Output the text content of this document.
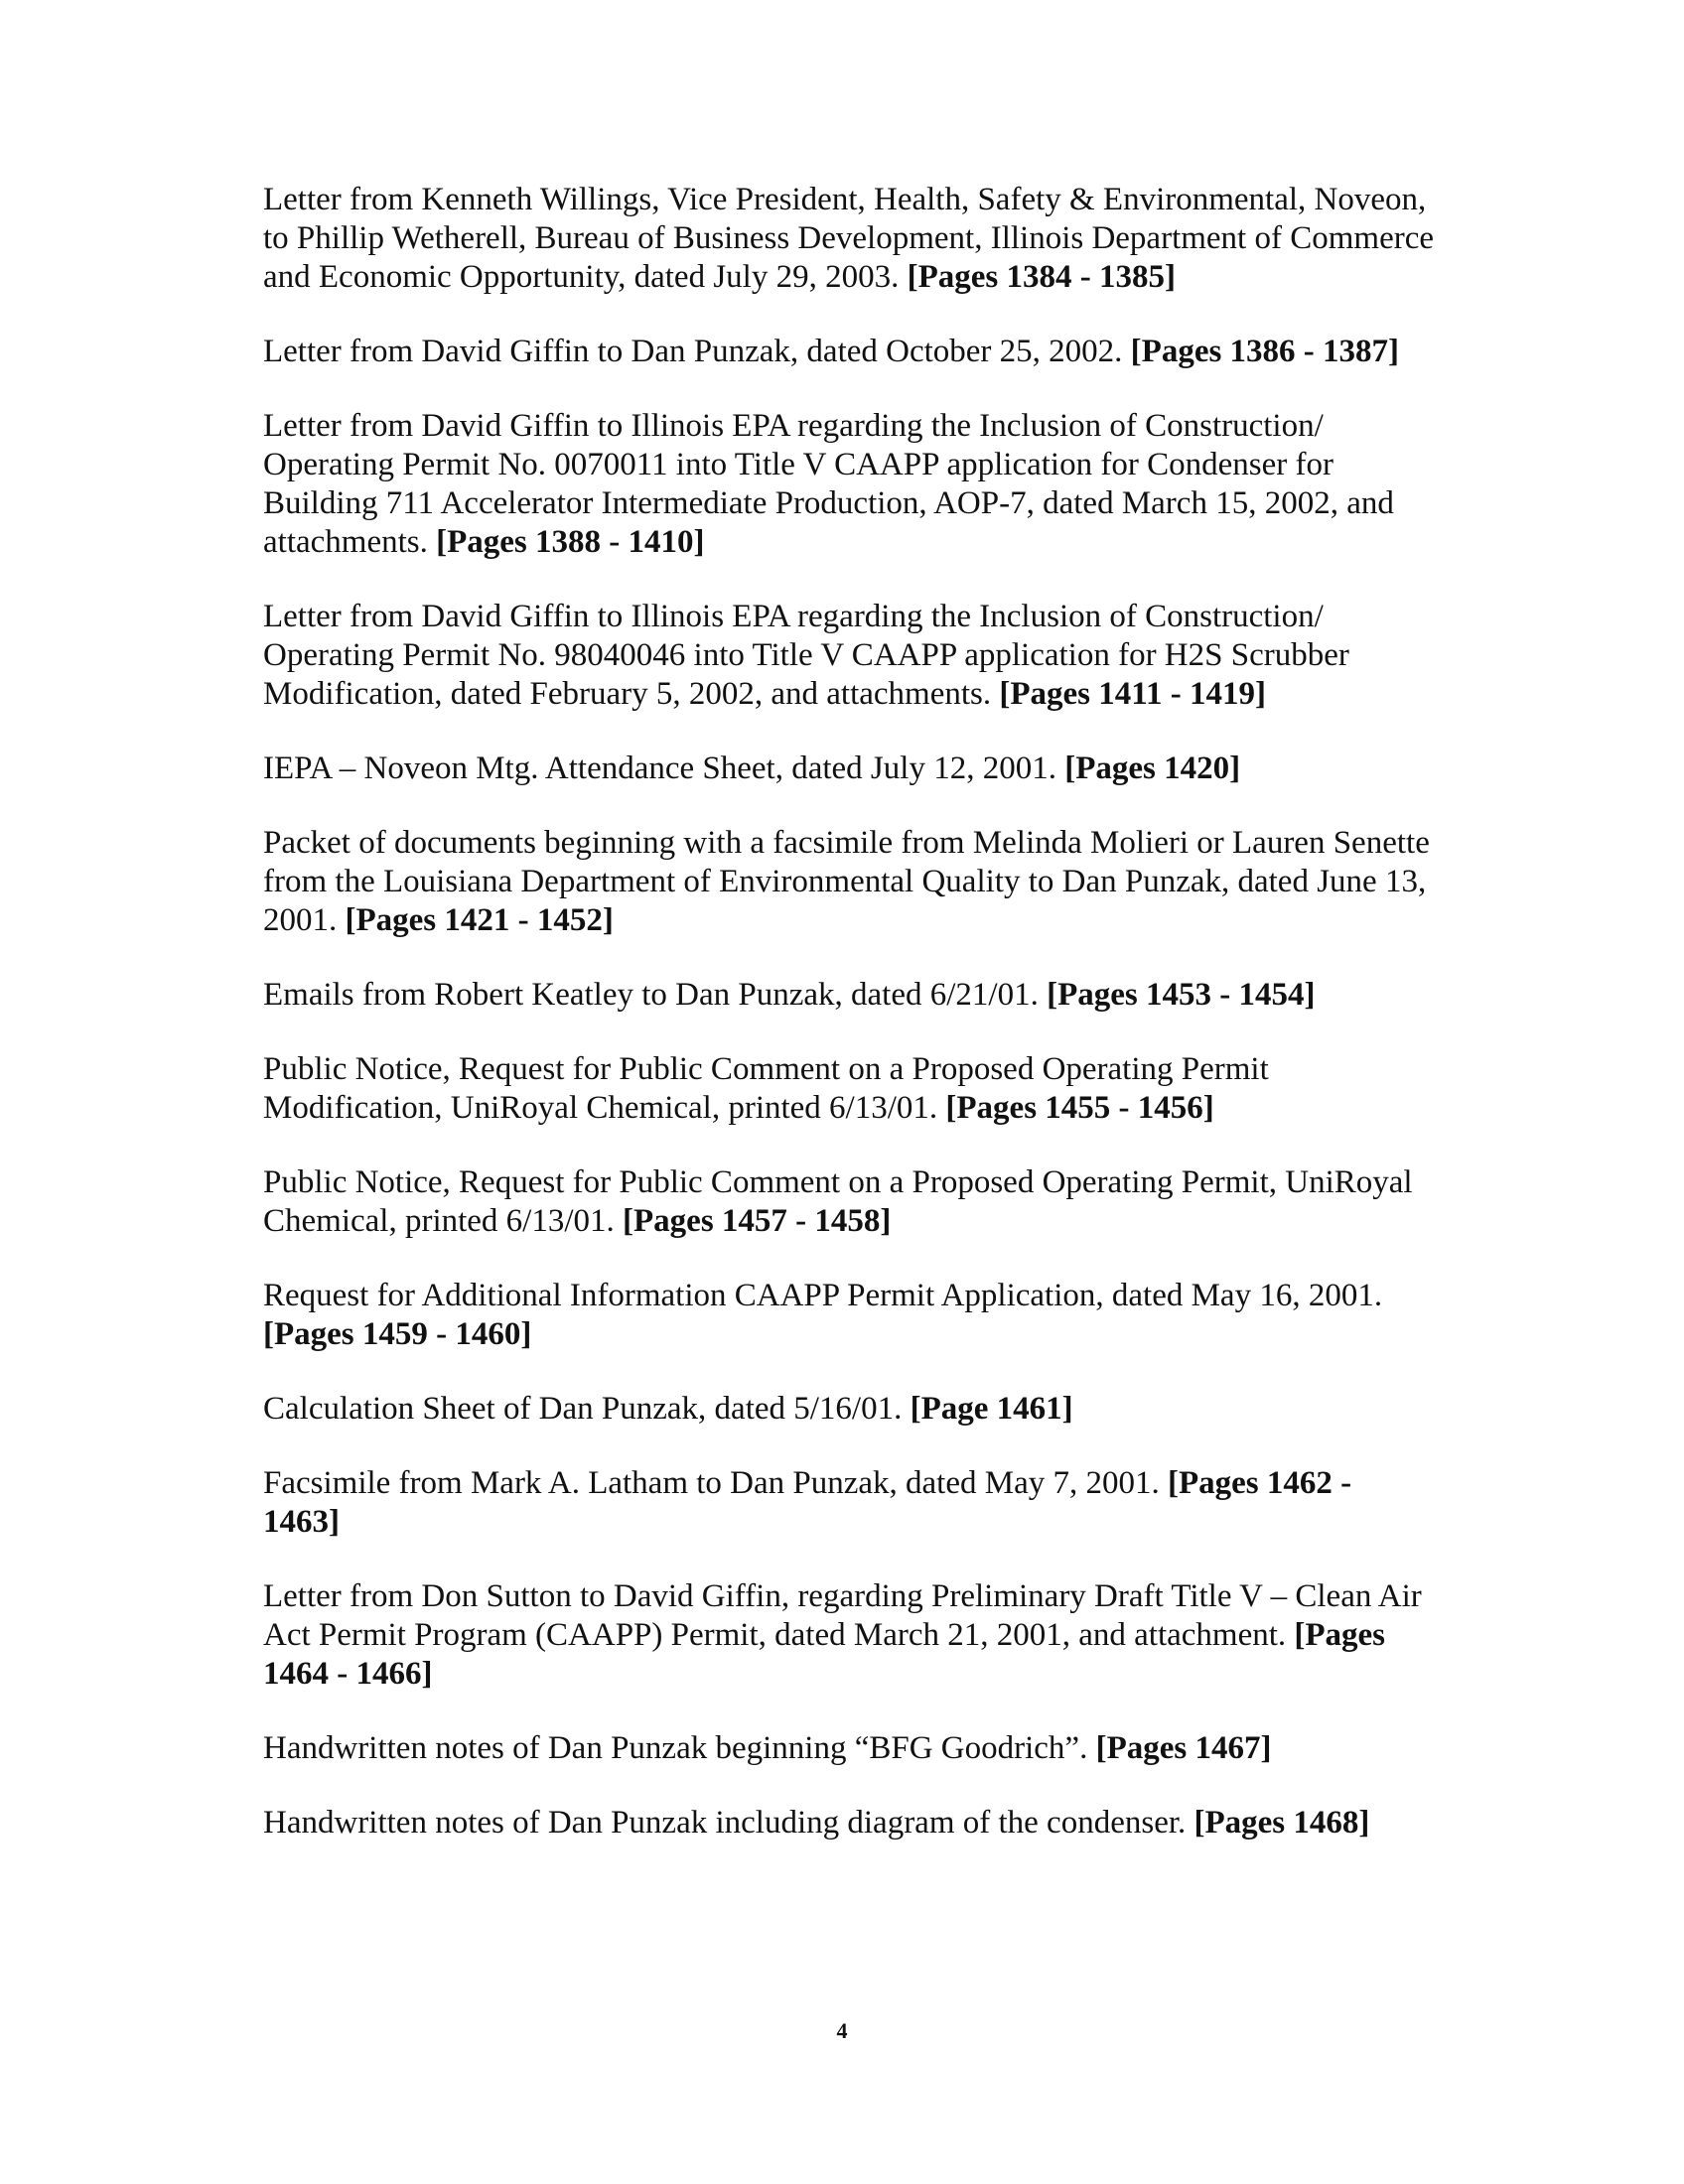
Letter from Kenneth Willings, Vice President, Health, Safety & Environmental, Noveon, to Phillip Wetherell, Bureau of Business Development, Illinois Department of Commerce and Economic Opportunity, dated July 29, 2003. [Pages 1384 - 1385]

Letter from David Giffin to Dan Punzak, dated October 25, 2002. [Pages 1386 - 1387]

Letter from David Giffin to Illinois EPA regarding the Inclusion of Construction/ Operating Permit No. 0070011 into Title V CAAPP application for Condenser for Building 711 Accelerator Intermediate Production, AOP-7, dated March 15, 2002, and attachments. [Pages 1388 - 1410]

Letter from David Giffin to Illinois EPA regarding the Inclusion of Construction/ Operating Permit No. 98040046 into Title V CAAPP application for H2S Scrubber Modification, dated February 5, 2002, and attachments. [Pages 1411 - 1419]

IEPA – Noveon Mtg. Attendance Sheet, dated July 12, 2001. [Pages 1420]

Packet of documents beginning with a facsimile from Melinda Molieri or Lauren Senette from the Louisiana Department of Environmental Quality to Dan Punzak, dated June 13, 2001. [Pages 1421 - 1452]

Emails from Robert Keatley to Dan Punzak, dated 6/21/01. [Pages 1453 - 1454]

Public Notice, Request for Public Comment on a Proposed Operating Permit Modification, UniRoyal Chemical, printed 6/13/01. [Pages 1455 - 1456]

Public Notice, Request for Public Comment on a Proposed Operating Permit, UniRoyal Chemical, printed 6/13/01. [Pages 1457 - 1458]

Request for Additional Information CAAPP Permit Application, dated May 16, 2001. [Pages 1459 - 1460]

Calculation Sheet of Dan Punzak, dated 5/16/01. [Page 1461]

Facsimile from Mark A. Latham to Dan Punzak, dated May 7, 2001. [Pages 1462 - 1463]

Letter from Don Sutton to David Giffin, regarding Preliminary Draft Title V – Clean Air Act Permit Program (CAAPP) Permit, dated March 21, 2001, and attachment. [Pages 1464 - 1466]

Handwritten notes of Dan Punzak beginning “BFG Goodrich”. [Pages 1467]

Handwritten notes of Dan Punzak including diagram of the condenser. [Pages 1468]

4
